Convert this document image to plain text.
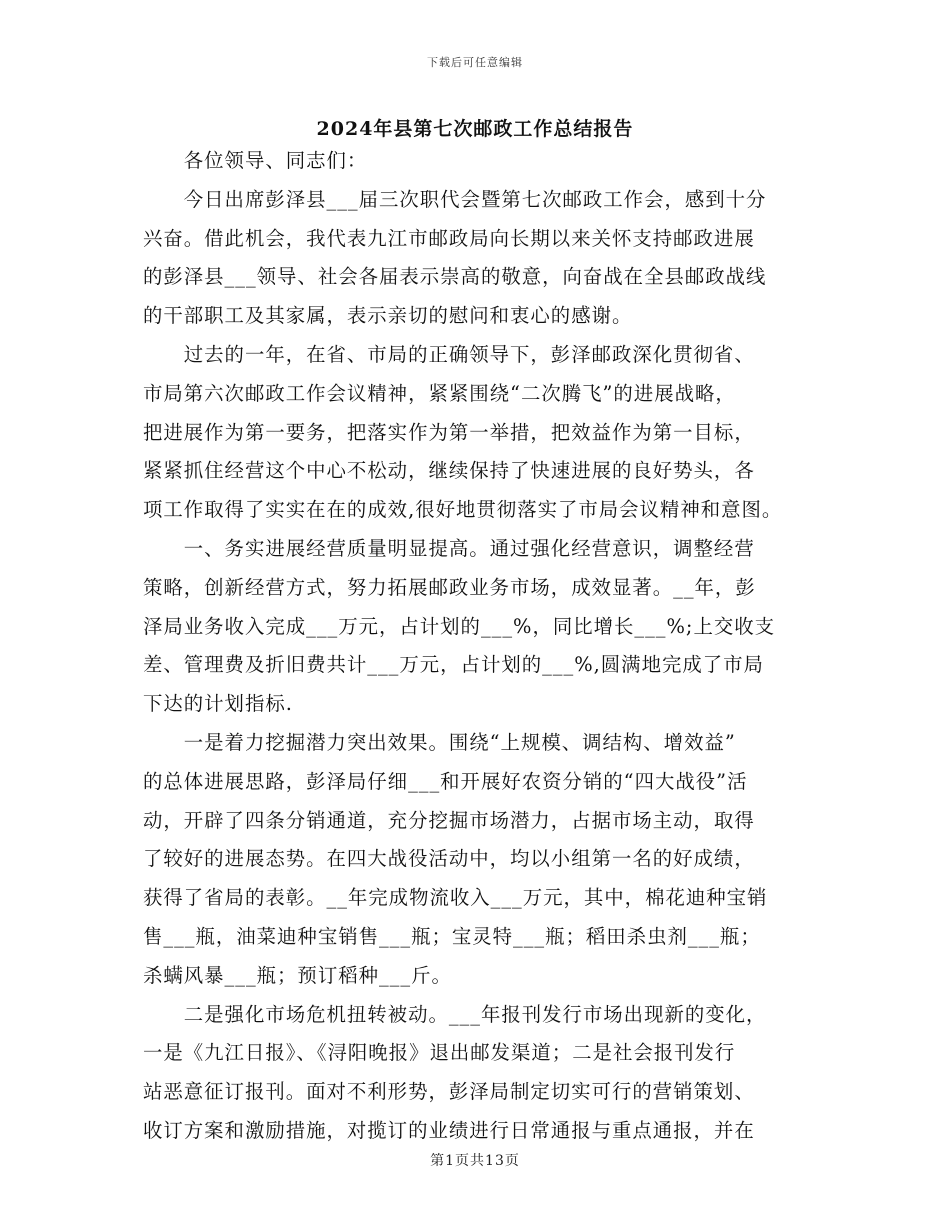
下载后可任意编辑
2024年县第七次邮政工作总结报告
　　各位领导、同志们：
　　今日出席彭泽县___届三次职代会暨第七次邮政工作会，感到十分
兴奋。借此机会，我代表九江市邮政局向长期以来关怀支持邮政进展
的彭泽县___领导、社会各届表示崇高的敬意，向奋战在全县邮政战线
的干部职工及其家属，表示亲切的慰问和衷心的感谢。
　　过去的一年，在省、市局的正确领导下，彭泽邮政深化贯彻省、
市局第六次邮政工作会议精神，紧紧围绕“二次腾飞”的进展战略，
把进展作为第一要务，把落实作为第一举措，把效益作为第一目标，
紧紧抓住经营这个中心不松动，继续保持了快速进展的良好势头，各
项工作取得了实实在在的成效,很好地贯彻落实了市局会议精神和意图。
　　一、务实进展经营质量明显提高。通过强化经营意识，调整经营
策略，创新经营方式，努力拓展邮政业务市场，成效显著。__年，彭
泽局业务收入完成___万元，占计划的___%，同比增长___%;上交收支
差、管理费及折旧费共计___万元，占计划的___%,圆满地完成了市局
下达的计划指标.
　　一是着力挖掘潜力突出效果。围绕“上规模、调结构、增效益”
的总体进展思路，彭泽局仔细___和开展好农资分销的“四大战役”活
动，开辟了四条分销通道，充分挖掘市场潜力，占据市场主动，取得
了较好的进展态势。在四大战役活动中，均以小组第一名的好成绩，
获得了省局的表彰。__年完成物流收入___万元，其中，棉花迪种宝销
售___瓶，油菜迪种宝销售___瓶；宝灵特___瓶；稻田杀虫剂___瓶；
杀螨风暴___瓶；预订稻种___斤。
　　二是强化市场危机扭转被动。___年报刊发行市场出现新的变化，
一是《九江日报》、《浔阳晚报》退出邮发渠道；二是社会报刊发行
站恶意征订报刊。面对不利形势，彭泽局制定切实可行的营销策划、
收订方案和激励措施，对揽订的业绩进行日常通报与重点通报，并在
第1页共13页
